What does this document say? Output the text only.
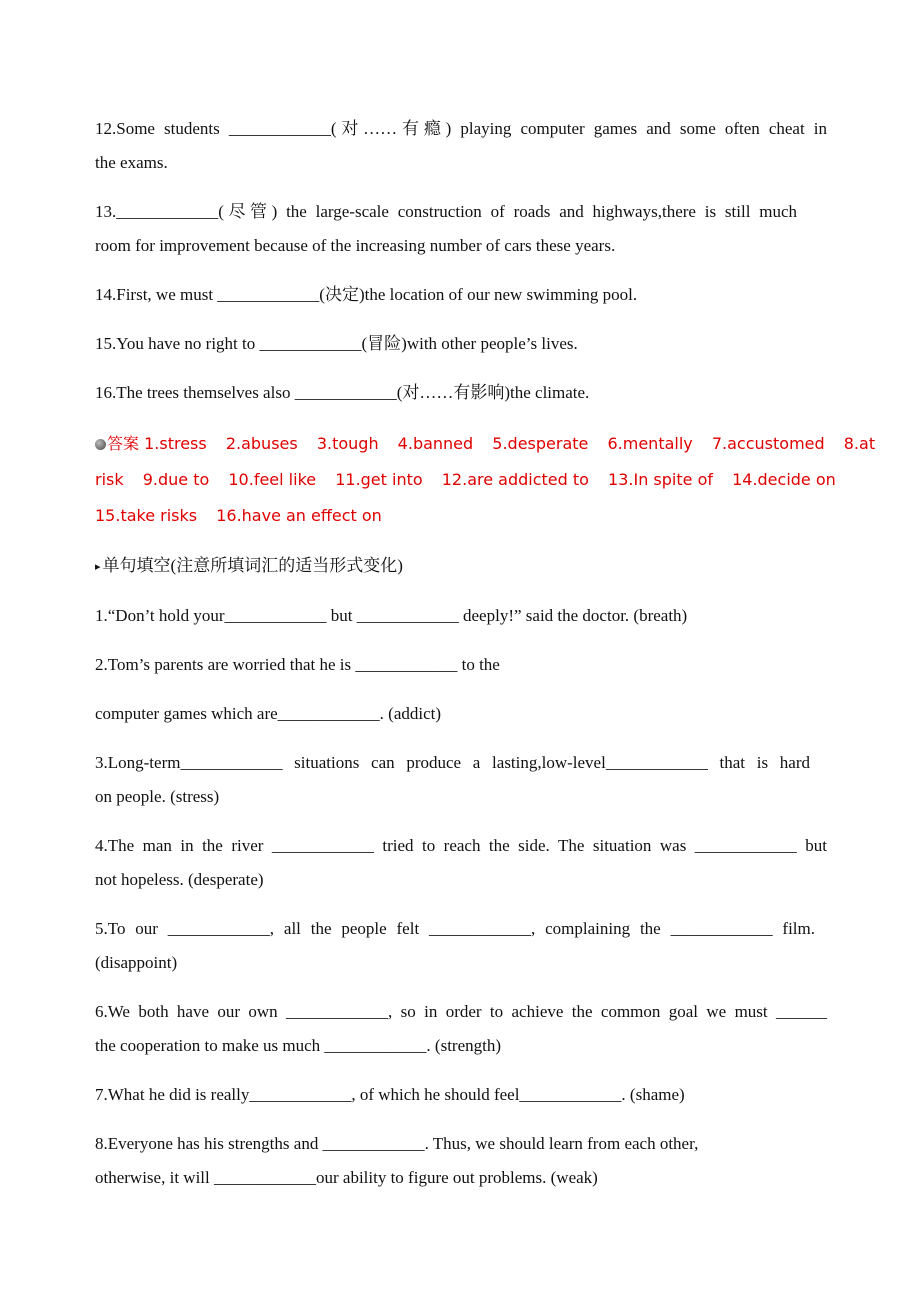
12.Some students ____________(对……有瘾) playing computer games and some often cheat in
the exams.
13.____________(尽管) the large-scale construction of roads and highways,there is still much
room for improvement because of the increasing number of cars these years.
14.First, we must ____________(决定)the location of our new swimming pool.
15.You have no right to ____________(冒险)with other people’s lives.
16.The trees themselves also ____________(对……有影响)the climate.
答案 1.stress 2.abuses 3.tough 4.banned 5.desperate 6.mentally 7.accustomed 8.at
risk 9.due to 10.feel like 11.get into 12.are addicted to 13.In spite of 14.decide on
15.take risks 16.have an effect on
▸ 单句填空(注意所填词汇的适当形式变化)
1.“Don’t hold your____________ but ____________ deeply!” said the doctor. (breath)
2.Tom’s parents are worried that he is ____________ to the
computer games which are____________. (addict)
3.Long-term____________ situations can produce a lasting,low-level____________ that is hard
on people. (stress)
4.The man in the river ____________ tried to reach the side. The situation was ____________ but
not hopeless. (desperate)
5.To our ____________, all the people felt ____________, complaining the ____________ film.
(disappoint)
6.We both have our own ____________, so in order to achieve the common goal we must ______
the cooperation to make us much ____________. (strength)
7.What he did is really____________, of which he should feel____________. (shame)
8.Everyone has his strengths and ____________. Thus, we should learn from each other,
otherwise, it will ____________our ability to figure out problems. (weak)
